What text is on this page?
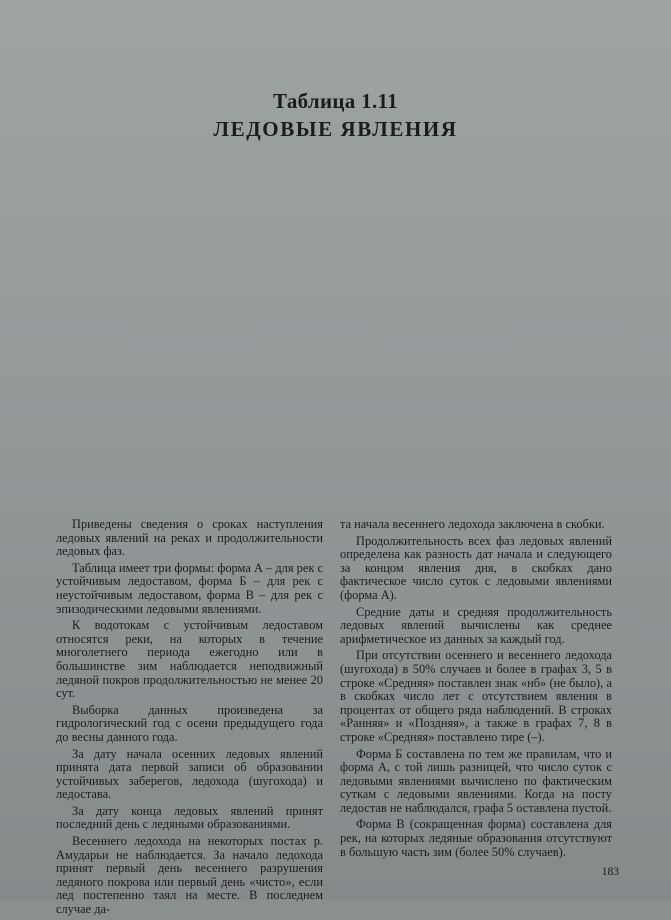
Таблица 1.11
ЛЕДОВЫЕ ЯВЛЕНИЯ

Приведены сведения о сроках наступления ледовых явлений на реках и продолжительности ледовых фаз.

Таблица имеет три формы: форма А – для рек с устойчивым ледоставом, форма Б – для рек с неустойчивым ледоставом, форма В – для рек с эпизодическими ледовыми явлениями.

К водотокам с устойчивым ледоставом относятся реки, на которых в течение многолетнего периода ежегодно или в большинстве зим наблюдается неподвижный ледяной покров продолжительностью не менее 20 сут.

Выборка данных произведена за гидрологический год с осени предыдущего года до весны данного года.

За дату начала осенних ледовых явлений принята дата первой записи об образовании устойчивых заберегов, ледохода (шугохода) и ледостава.

За дату конца ледовых явлений принят последний день с ледяными образованиями.

Весеннего ледохода на некоторых постах р. Амударьи не наблюдается. За начало ледохода принят первый день весеннего разрушения ледяного покрова или первый день «чисто», если лед постепенно таял на месте. В последнем случае да-

та начала весеннего ледохода заключена в скобки.

Продолжительность всех фаз ледовых явлений определена как разность дат начала и следующего за концом явления дня, в скобках дано фактическое число суток с ледовыми явлениями (форма А).

Средние даты и средняя продолжительность ледовых явлений вычислены как среднее арифметическое из данных за каждый год.

При отсутствии осеннего и весеннего ледохода (шугохода) в 50% случаев и более в графах 3, 5 в строке «Средняя» поставлен знак «нб» (не было), а в скобках число лет с отсутствием явления в процентах от общего ряда наблюдений. В строках «Ранняя» и «Поздняя», а также в графах 7, 8 в строке «Средняя» поставлено тире (–).

Форма Б составлена по тем же правилам, что и форма А, с той лишь разницей, что число суток с ледовыми явлениями вычислено по фактическим суткам с ледовыми явлениями. Когда на посту ледостав не наблюдался, графа 5 оставлена пустой.

Форма В (сокращенная форма) составлена для рек, на которых ледяные образования отсутствуют в большую часть зим (более 50% случаев).

183
